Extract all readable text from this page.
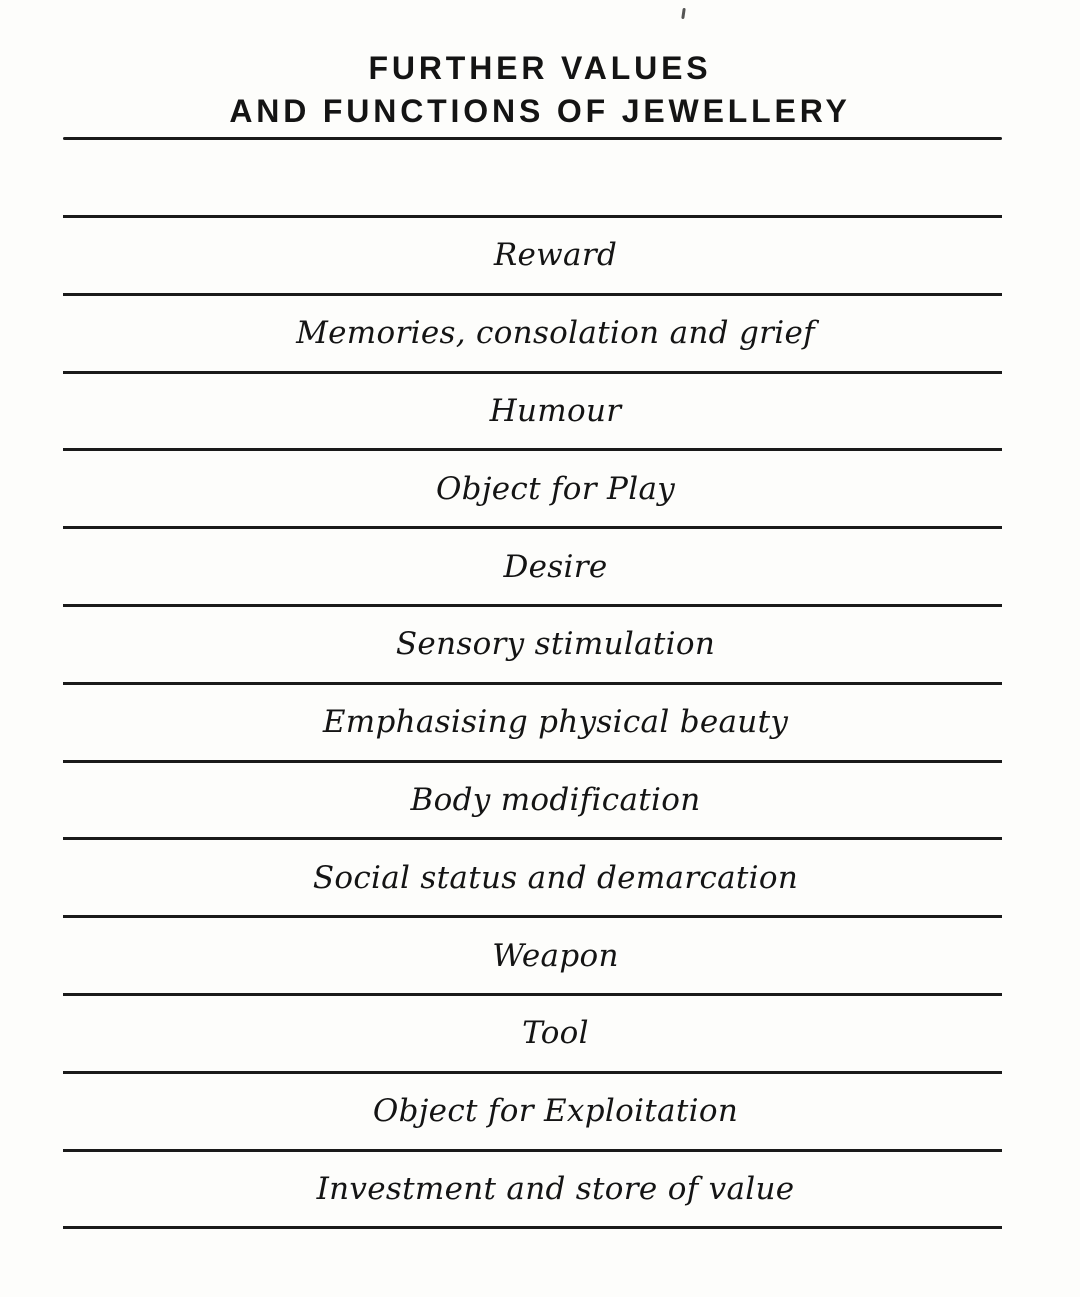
FURTHER VALUES
AND FUNCTIONS OF JEWELLERY
Reward
Memories, consolation and grief
Humour
Object for Play
Desire
Sensory stimulation
Emphasising physical beauty
Body modification
Social status and demarcation
Weapon
Tool
Object for Exploitation
Investment and store of value
